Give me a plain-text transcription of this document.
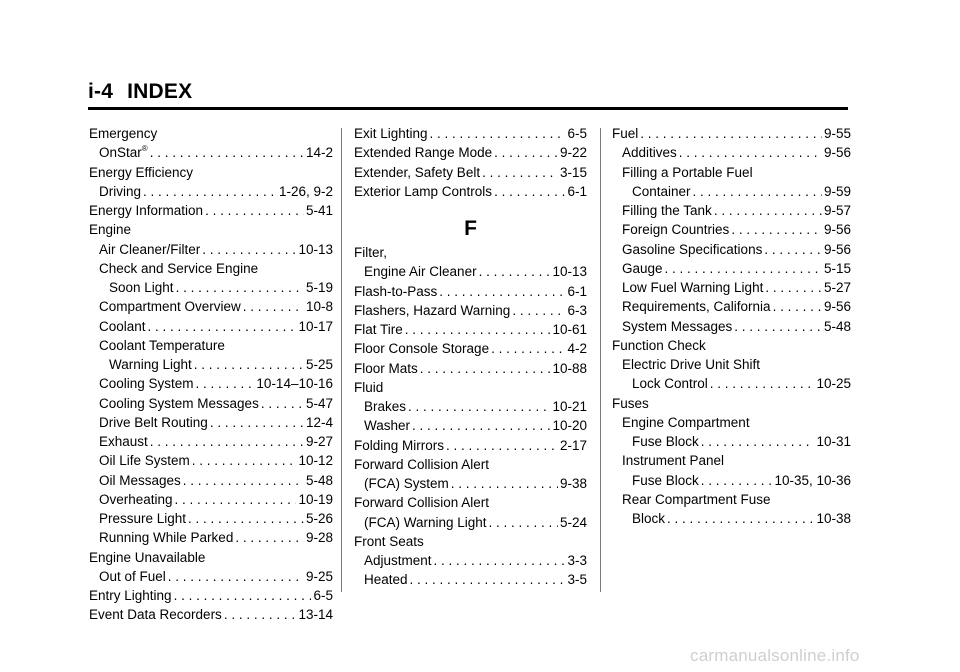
i-4 INDEX
Emergency
OnStar® . . .	14-2
Energy Efficiency
Driving . . .	1-26, 9-2
Energy Information . . .	5-41
Engine
Air Cleaner/Filter . . .	10-13
Check and Service Engine
Soon Light . . .	5-19
Compartment Overview . . .	10-8
Coolant . . .	10-17
Coolant Temperature
Warning Light . . .	5-25
Cooling System . . .	10-14–10-16
Cooling System Messages . . .	5-47
Drive Belt Routing . . .	12-4
Exhaust . . .	9-27
Oil Life System . . .	10-12
Oil Messages . . .	5-48
Overheating . . .	10-19
Pressure Light . . .	5-26
Running While Parked . . .	9-28
Engine Unavailable
Out of Fuel . . .	9-25
Entry Lighting . . .	6-5
Event Data Recorders . . .	13-14
Exit Lighting . . .	6-5
Extended Range Mode . . .	9-22
Extender, Safety Belt . . .	3-15
Exterior Lamp Controls . . .	6-1
F
Filter,
Engine Air Cleaner . . .	10-13
Flash-to-Pass . . .	6-1
Flashers, Hazard Warning . . .	6-3
Flat Tire . . .	10-61
Floor Console Storage . . .	4-2
Floor Mats . . .	10-88
Fluid
Brakes . . .	10-21
Washer . . .	10-20
Folding Mirrors . . .	2-17
Forward Collision Alert
(FCA) System . . .	9-38
Forward Collision Alert
(FCA) Warning Light . . .	5-24
Front Seats
Adjustment . . .	3-3
Heated . . .	3-5
Fuel . . .	9-55
Additives . . .	9-56
Filling a Portable Fuel
Container . . .	9-59
Filling the Tank . . .	9-57
Foreign Countries . . .	9-56
Gasoline Specifications . . .	9-56
Gauge . . .	5-15
Low Fuel Warning Light . . .	5-27
Requirements, California . . .	9-56
System Messages . . .	5-48
Function Check
Electric Drive Unit Shift
Lock Control . . .	10-25
Fuses
Engine Compartment
Fuse Block . . .	10-31
Instrument Panel
Fuse Block . . .	10-35, 10-36
Rear Compartment Fuse
Block . . .	10-38
carmanualsonline.info
